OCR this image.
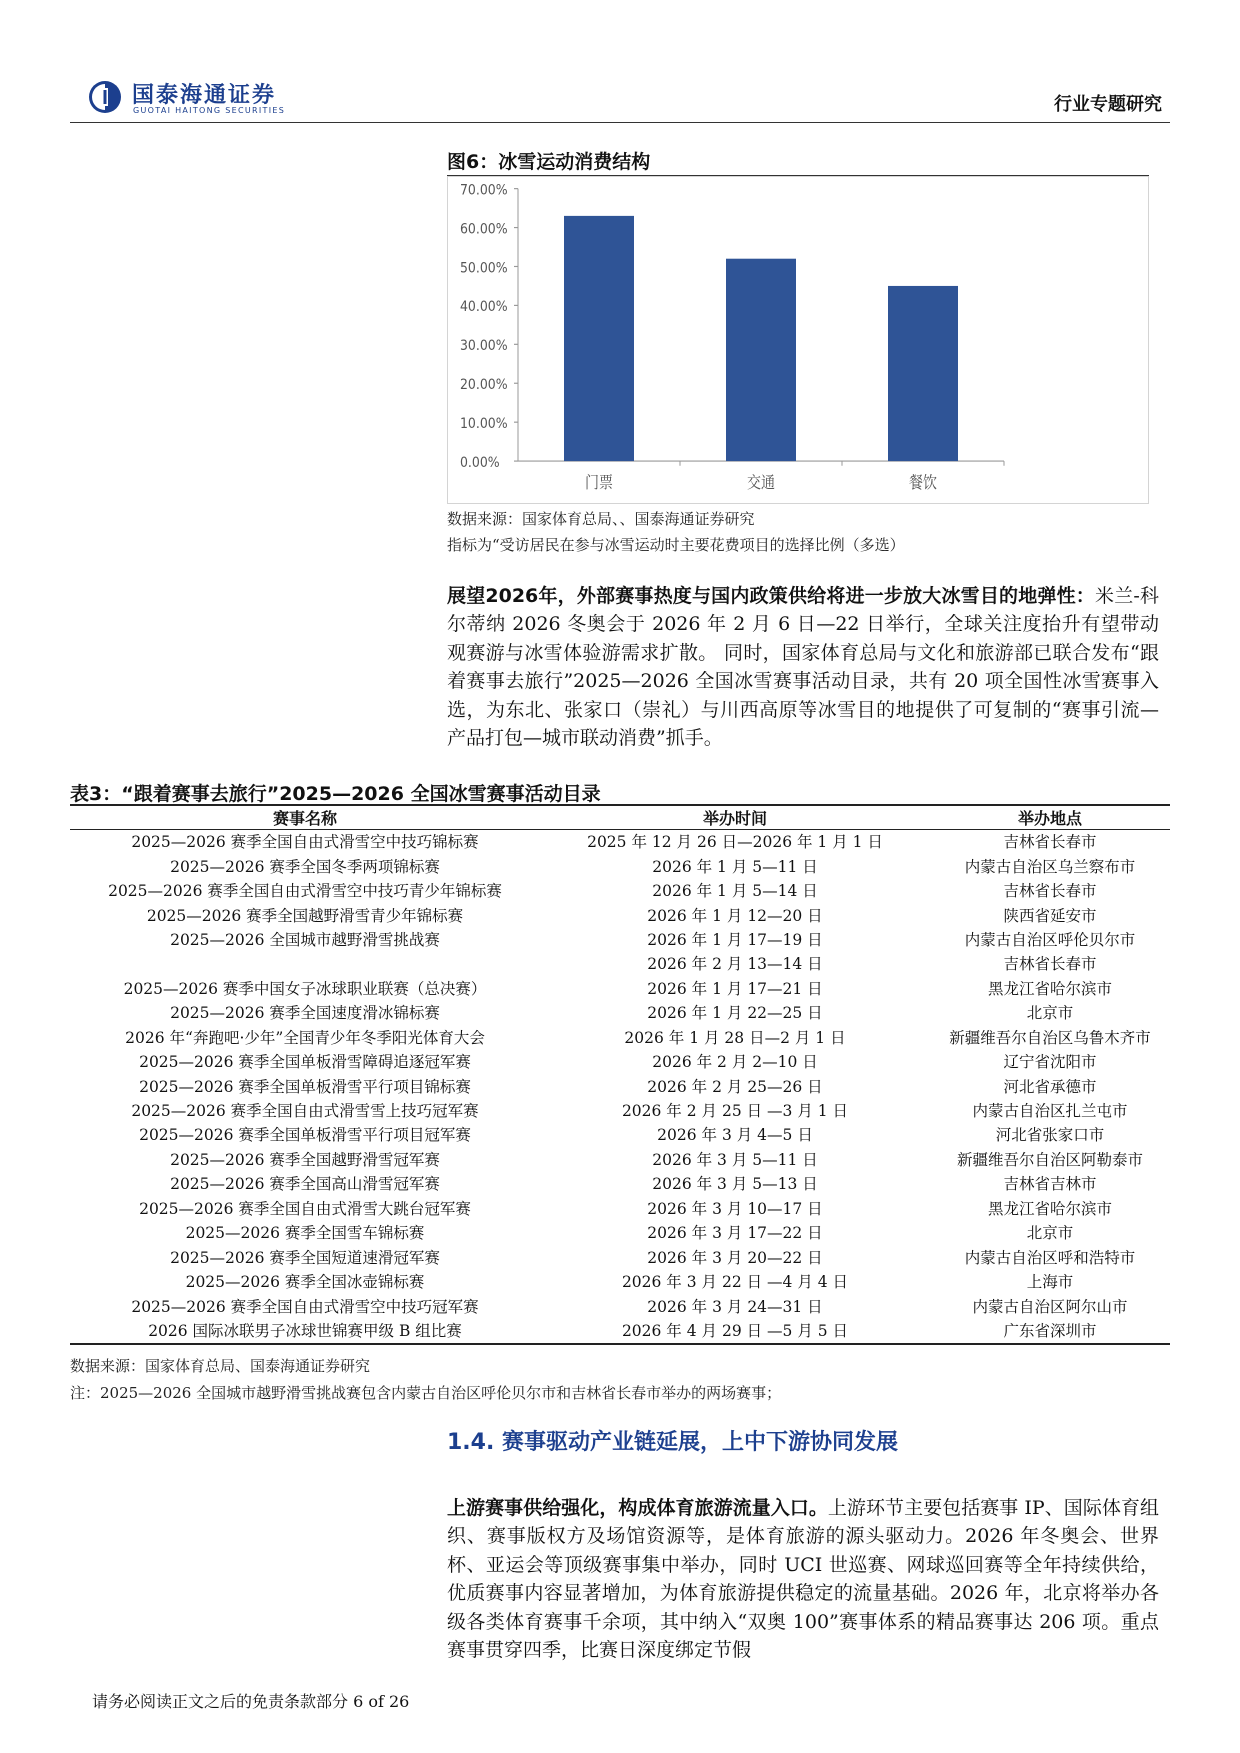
国泰海通证券
GUOTAI HAITONG SECURITIES	行业专题研究
图6：冰雪运动消费结构
0.00%
10.00%
20.00%
30.00%
40.00%
50.00%
60.00%
70.00%
门票	交通	餐饮
数据来源：国家体育总局、、国泰海通证券研究
指标为“受访居民在参与冰雪运动时主要花费项目的选择比例（多选）
展望2026年，外部赛事热度与国内政策供给将进一步放大冰雪目的地弹性：米兰-科尔蒂纳 2026 冬奥会于 2026 年 2 月 6 日—22 日举行，全球关注度抬升有望带动观赛游与冰雪体验游需求扩散。 同时，国家体育总局与文化和旅游部已联合发布“跟着赛事去旅行”2025—2026 全国冰雪赛事活动目录，共有 20 项全国性冰雪赛事入选，为东北、张家口（崇礼）与川西高原等冰雪目的地提供了可复制的“赛事引流—产品打包—城市联动消费”抓手。
表3：“跟着赛事去旅行”2025—2026 全国冰雪赛事活动目录
赛事名称	举办时间	举办地点
2025—2026 赛季全国自由式滑雪空中技巧锦标赛	2025 年 12 月 26 日—2026 年 1 月 1 日	吉林省长春市
2025—2026 赛季全国冬季两项锦标赛	2026 年 1 月 5—11 日	内蒙古自治区乌兰察布市
2025—2026 赛季全国自由式滑雪空中技巧青少年锦标赛	2026 年 1 月 5—14 日	吉林省长春市
2025—2026 赛季全国越野滑雪青少年锦标赛	2026 年 1 月 12—20 日	陕西省延安市
2025—2026 全国城市越野滑雪挑战赛	2026 年 1 月 17—19 日	内蒙古自治区呼伦贝尔市
	2026 年 2 月 13—14 日	吉林省长春市
2025—2026 赛季中国女子冰球职业联赛（总决赛）	2026 年 1 月 17—21 日	黑龙江省哈尔滨市
2025—2026 赛季全国速度滑冰锦标赛	2026 年 1 月 22—25 日	北京市
2026 年“奔跑吧·少年”全国青少年冬季阳光体育大会	2026 年 1 月 28 日—2 月 1 日	新疆维吾尔自治区乌鲁木齐市
2025—2026 赛季全国单板滑雪障碍追逐冠军赛	2026 年 2 月 2—10 日	辽宁省沈阳市
2025—2026 赛季全国单板滑雪平行项目锦标赛	2026 年 2 月 25—26 日	河北省承德市
2025—2026 赛季全国自由式滑雪雪上技巧冠军赛	2026 年 2 月 25 日 —3 月 1 日	内蒙古自治区扎兰屯市
2025—2026 赛季全国单板滑雪平行项目冠军赛	2026 年 3 月 4—5 日	河北省张家口市
2025—2026 赛季全国越野滑雪冠军赛	2026 年 3 月 5—11 日	新疆维吾尔自治区阿勒泰市
2025—2026 赛季全国高山滑雪冠军赛	2026 年 3 月 5—13 日	吉林省吉林市
2025—2026 赛季全国自由式滑雪大跳台冠军赛	2026 年 3 月 10—17 日	黑龙江省哈尔滨市
2025—2026 赛季全国雪车锦标赛	2026 年 3 月 17—22 日	北京市
2025—2026 赛季全国短道速滑冠军赛	2026 年 3 月 20—22 日	内蒙古自治区呼和浩特市
2025—2026 赛季全国冰壶锦标赛	2026 年 3 月 22 日 —4 月 4 日	上海市
2025—2026 赛季全国自由式滑雪空中技巧冠军赛	2026 年 3 月 24—31 日	内蒙古自治区阿尔山市
2026 国际冰联男子冰球世锦赛甲级 B 组比赛	2026 年 4 月 29 日 —5 月 5 日	广东省深圳市
数据来源：国家体育总局、国泰海通证券研究
注：2025—2026 全国城市越野滑雪挑战赛包含内蒙古自治区呼伦贝尔市和吉林省长春市举办的两场赛事；
1.4. 赛事驱动产业链延展，上中下游协同发展
上游赛事供给强化，构成体育旅游流量入口。上游环节主要包括赛事 IP、国际体育组织、赛事版权方及场馆资源等，是体育旅游的源头驱动力。2026 年冬奥会、世界杯、亚运会等顶级赛事集中举办，同时 UCI 世巡赛、网球巡回赛等全年持续供给，优质赛事内容显著增加，为体育旅游提供稳定的流量基础。2026 年，北京将举办各级各类体育赛事千余项，其中纳入“双奥 100”赛事体系的精品赛事达 206 项。重点赛事贯穿四季，比赛日深度绑定节假
请务必阅读正文之后的免责条款部分 6 of 26
